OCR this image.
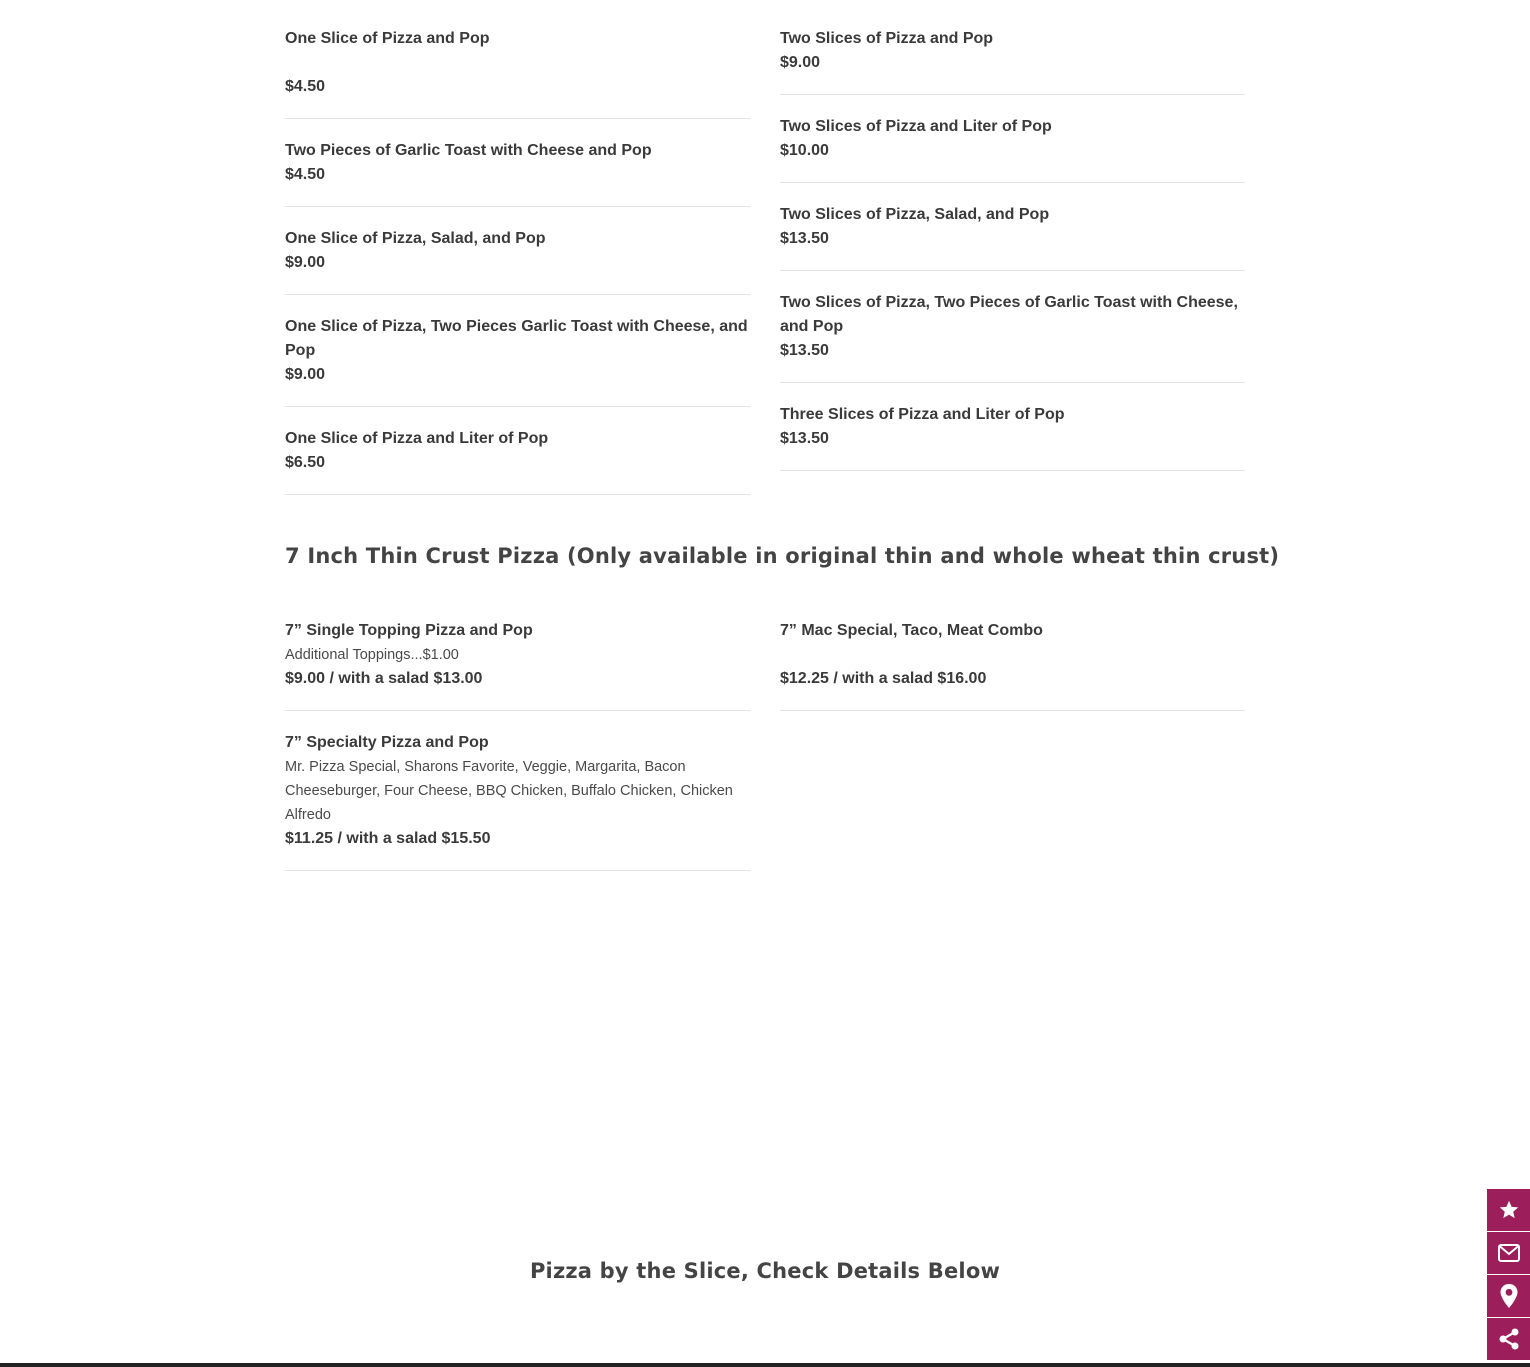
One Slice of Pizza and Pop
$4.50
Two Pieces of Garlic Toast with Cheese and Pop
$4.50
One Slice of Pizza, Salad, and Pop
$9.00
One Slice of Pizza, Two Pieces Garlic Toast with Cheese, and Pop
$9.00
One Slice of Pizza and Liter of Pop
$6.50
Two Slices of Pizza and Pop
$9.00
Two Slices of Pizza and Liter of Pop
$10.00
Two Slices of Pizza, Salad, and Pop
$13.50
Two Slices of Pizza, Two Pieces of Garlic Toast with Cheese, and Pop
$13.50
Three Slices of Pizza and Liter of Pop
$13.50
7 Inch Thin Crust Pizza (Only available in original thin and whole wheat thin crust)
7” Single Topping Pizza and Pop
Additional Toppings...$1.00
$9.00 / with a salad $13.00
7” Specialty Pizza and Pop
Mr. Pizza Special, Sharons Favorite, Veggie, Margarita, Bacon Cheeseburger, Four Cheese, BBQ Chicken, Buffalo Chicken, Chicken Alfredo
$11.25 / with a salad $15.50
7” Mac Special, Taco, Meat Combo
$12.25 / with a salad $16.00
Pizza by the Slice, Check Details Below
